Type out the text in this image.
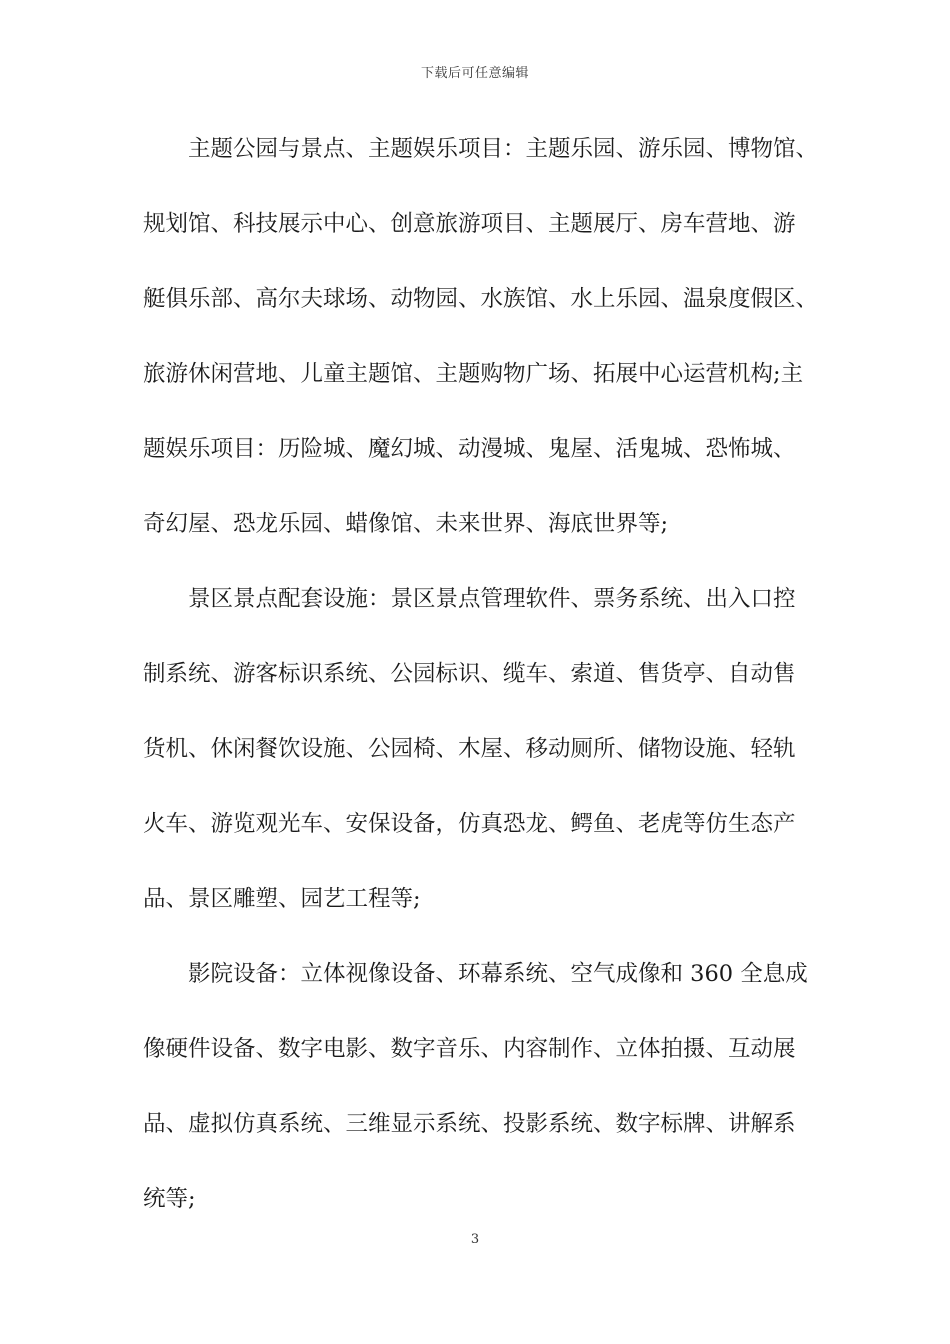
下载后可任意编辑

主题公园与景点、主题娱乐项目：主题乐园、游乐园、博物馆、
规划馆、科技展示中心、创意旅游项目、主题展厅、房车营地、游
艇俱乐部、高尔夫球场、动物园、水族馆、水上乐园、温泉度假区、
旅游休闲营地、儿童主题馆、主题购物广场、拓展中心运营机构;主
题娱乐项目：历险城、魔幻城、动漫城、鬼屋、活鬼城、恐怖城、
奇幻屋、恐龙乐园、蜡像馆、未来世界、海底世界等;

景区景点配套设施：景区景点管理软件、票务系统、出入口控
制系统、游客标识系统、公园标识、缆车、索道、售货亭、自动售
货机、休闲餐饮设施、公园椅、木屋、移动厕所、储物设施、轻轨
火车、游览观光车、安保设备，仿真恐龙、鳄鱼、老虎等仿生态产
品、景区雕塑、园艺工程等;

影院设备：立体视像设备、环幕系统、空气成像和 360 全息成
像硬件设备、数字电影、数字音乐、内容制作、立体拍摄、互动展
品、虚拟仿真系统、三维显示系统、投影系统、数字标牌、讲解系
统等;

3
